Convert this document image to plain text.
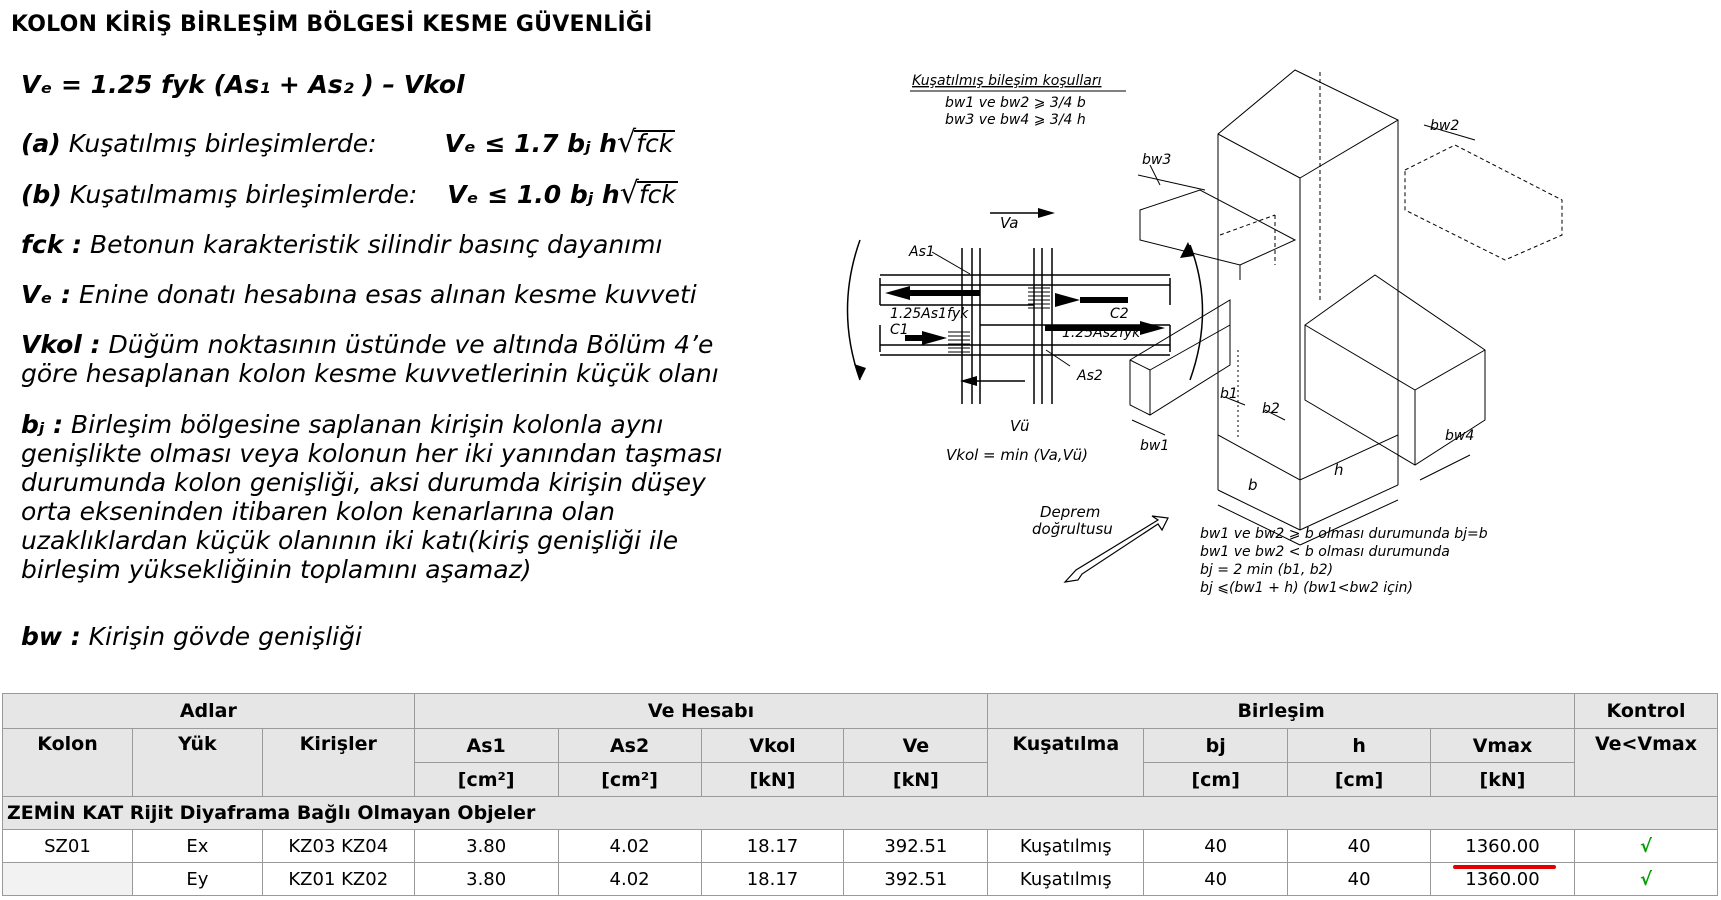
KOLON KİRİŞ BİRLEŞİM BÖLGESİ KESME GÜVENLİĞİ
Vₑ = 1.25 fyk (As₁ + As₂ ) – Vkol
(a) Kuşatılmış birleşimlerde:	Vₑ ≤ 1.7 bⱼ h√fck
(b) Kuşatılmamış birleşimlerde: Vₑ ≤ 1.0 bⱼ h√fck
fck : Betonun karakteristik silindir basınç dayanımı
Vₑ : Enine donatı hesabına esas alınan kesme kuvveti
Vkol : Düğüm noktasının üstünde ve altında Bölüm 4’e göre hesaplanan kolon kesme kuvvetlerinin küçük olanı
bⱼ : Birleşim bölgesine saplanan kirişin kolonla aynı genişlikte olması veya kolonun her iki yanından taşması durumunda kolon genişliği, aksi durumda kirişin düşey orta ekseninden itibaren kolon kenarlarına olan uzaklıklardan küçük olanının iki katı(kiriş genişliği ile birleşim yüksekliğinin toplamını aşamaz)
bw : Kirişin gövde genişliği
Kuşatılmış bileşim koşulları
bw1 ve bw2 ⩾ 3/4 b
bw3 ve bw4 ⩾ 3/4 h
Va
Vü
As1
As2
C1
C2
1.25As1fyk
1.25As2fyk
Vkol = min (Va,Vü)
bw3
bw2
bw1
bw4
b1
b2
b
h
Deprem
doğrultusu	bw1 ve bw2 ⩾ b olması durumunda bj=b
bw1 ve bw2 < b olması durumunda
bj = 2 min (b1, b2)
bj ⩽(bw1 + h) (bw1<bw2 için)
Adlar			Ve Hesabı				Birleşim				Kontrol
Kolon	Yük	Kirişler	As1	As2	Vkol	Ve	Kuşatılma	bj	h	Vmax	Ve<Vmax
			[cm²]	[cm²]	[kN]	[kN]		[cm]	[cm]	[kN]	
ZEMİN KAT Rijit Diyaframa Bağlı Olmayan Objeler											
SZ01	Ex	KZ03 KZ04	3.80	4.02	18.17	392.51	Kuşatılmış	40	40	1360.00	√
	Ey	KZ01 KZ02	3.80	4.02	18.17	392.51	Kuşatılmış	40	40	1360.00	√
